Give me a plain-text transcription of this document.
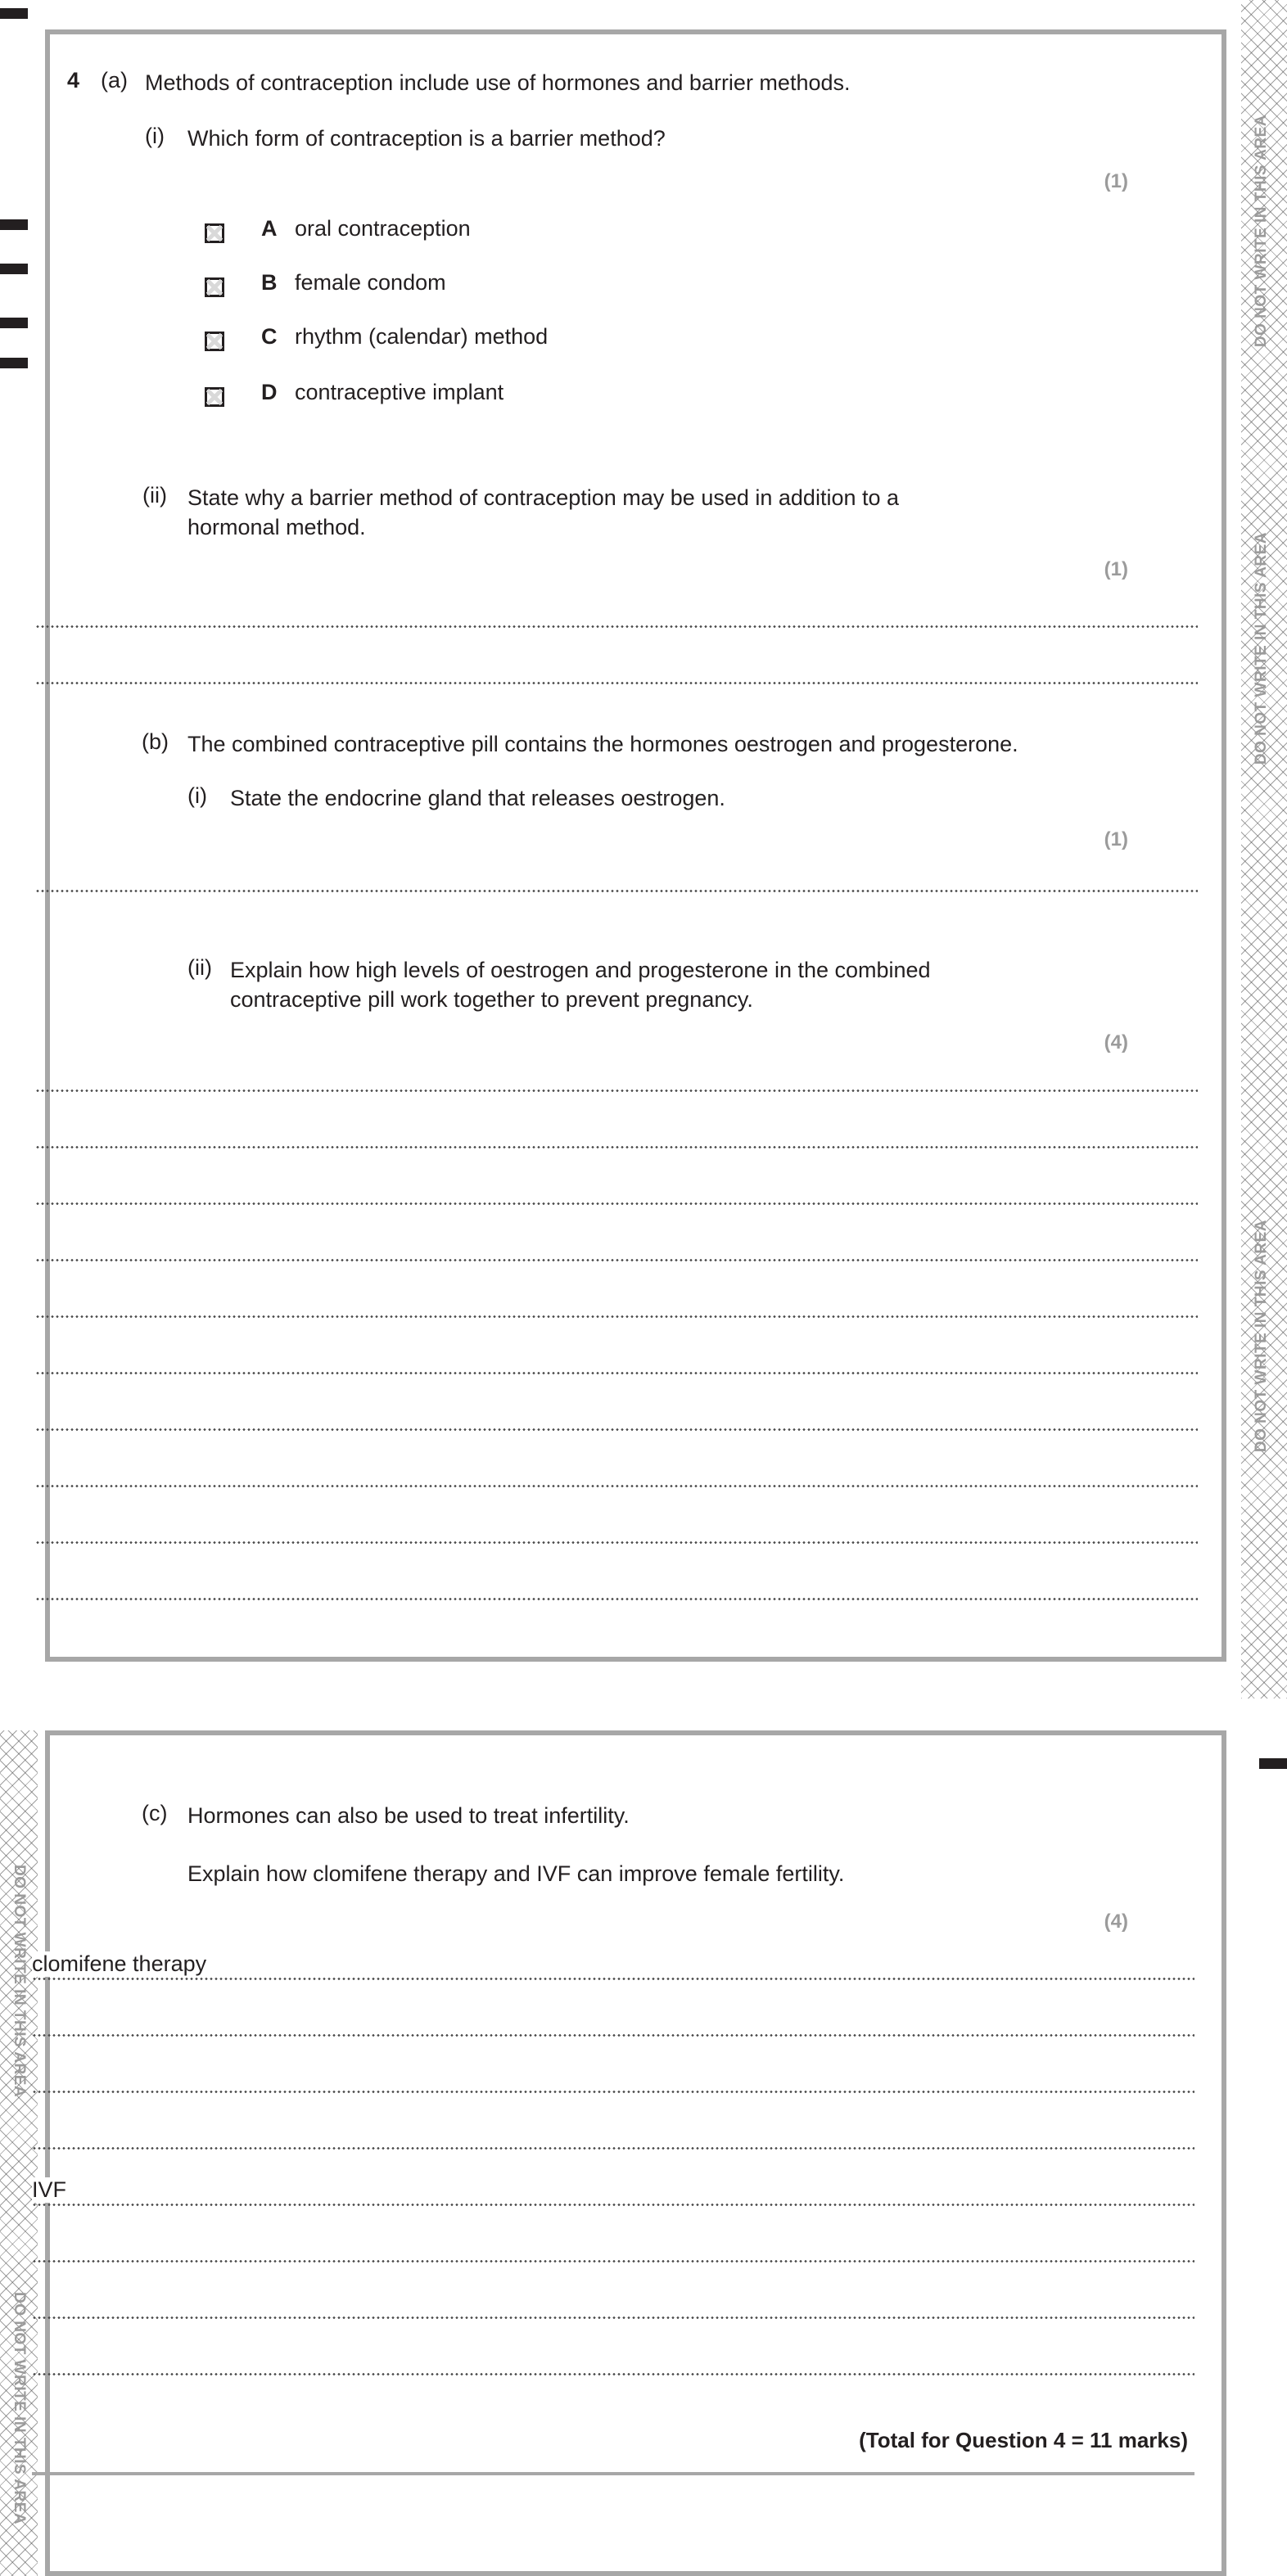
DO NOT WRITE IN THIS AREA
DO NOT WRITE IN THIS AREA
DO NOT WRITE IN THIS AREA
DO NOT WRITE IN THIS AREA
DO NOT WRITE IN THIS AREA
4 (a) Methods of contraception include use of hormones and barrier methods.
(i) Which form of contraception is a barrier method?
(1)
A oral contraception
B female condom
C rhythm (calendar) method
D contraceptive implant
(ii) State why a barrier method of contraception may be used in addition to a
hormonal method.
(1)
(b) The combined contraceptive pill contains the hormones oestrogen and progesterone.
(i) State the endocrine gland that releases oestrogen.
(1)
(ii) Explain how high levels of oestrogen and progesterone in the combined
contraceptive pill work together to prevent pregnancy.
(4)
(c) Hormones can also be used to treat infertility.
Explain how clomifene therapy and IVF can improve female fertility.
(4)
clomifene therapy
IVF
(Total for Question 4 = 11 marks)
